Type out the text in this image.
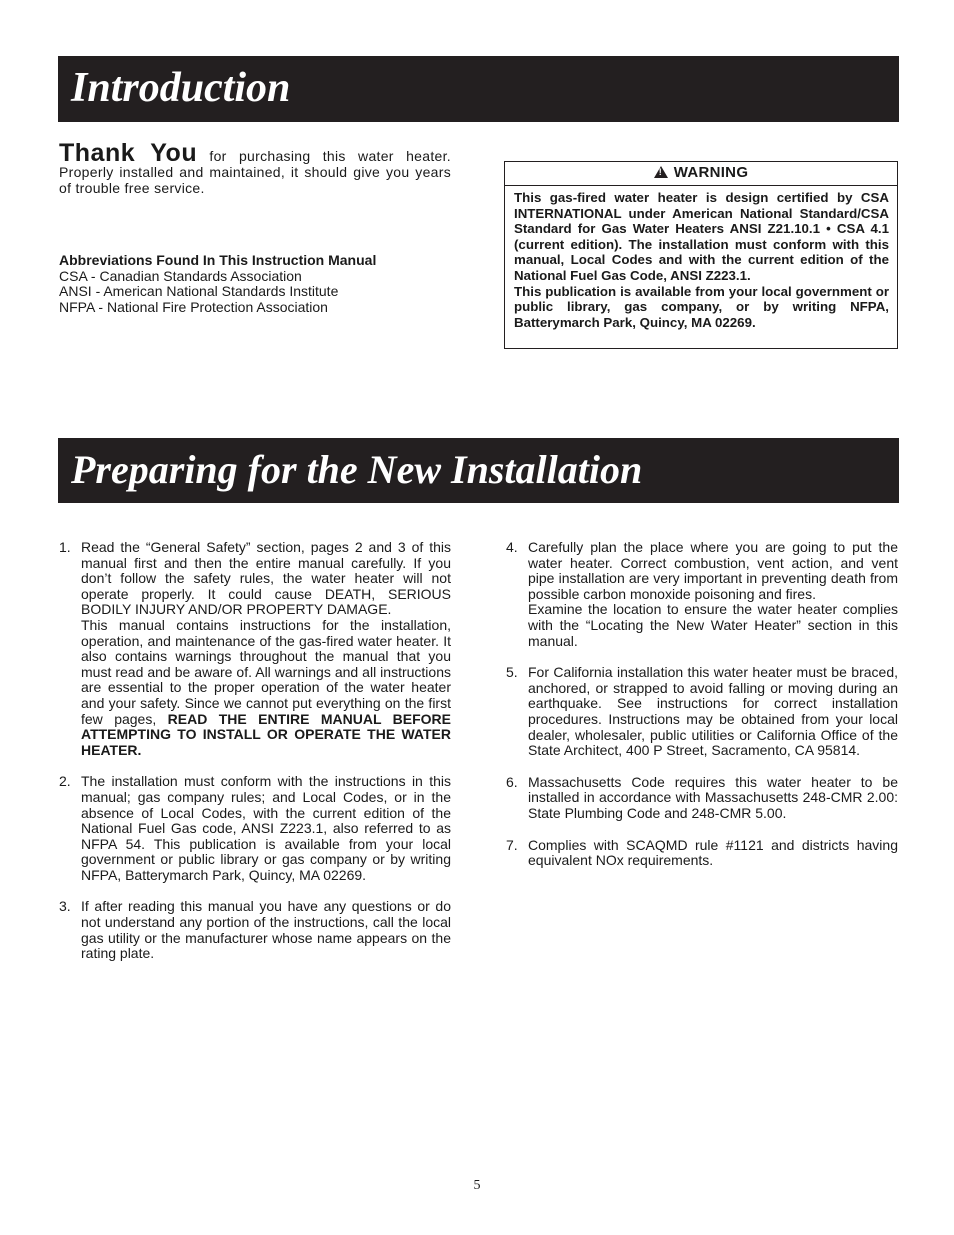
Introduction
Thank You for purchasing this water heater. Properly installed and maintained, it should give you years of trouble free service.
Abbreviations Found In This Instruction Manual
CSA - Canadian Standards Association
ANSI - American National Standards Institute
NFPA - National Fire Protection Association
!WARNING

This gas-fired water heater is design certified by CSA INTERNATIONAL under American National Standard/CSA Standard for Gas Water Heaters ANSI Z21.10.1 • CSA 4.1 (current edition). The installation must conform with this manual, Local Codes and with the current edition of the National Fuel Gas Code, ANSI Z223.1.

This publication is available from your local government or public library, gas company, or by writing NFPA, Batterymarch Park, Quincy, MA 02269.

Preparing for the New Installation
1. Read the “General Safety” section, pages 2 and 3 of this manual first and then the entire manual carefully. If you don’t follow the safety rules, the water heater will not operate properly. It could cause DEATH, SERIOUS BODILY INJURY AND/OR PROPERTY DAMAGE.

This manual contains instructions for the installation, operation, and maintenance of the gas-fired water heater. It also contains warnings throughout the manual that you must read and be aware of. All warnings and all instructions are essential to the proper operation of the water heater and your safety. Since we cannot put everything on the first few pages, READ THE ENTIRE MANUAL BEFORE ATTEMPTING TO INSTALL OR OPERATE THE WATER HEATER.

2. The installation must conform with the instructions in this manual; gas company rules; and Local Codes, or in the absence of Local Codes, with the current edition of the National Fuel Gas code, ANSI Z223.1, also referred to as NFPA 54. This publication is available from your local government or public library or gas company or by writing NFPA, Batterymarch Park, Quincy, MA 02269.

3. If after reading this manual you have any questions or do not understand any portion of the instructions, call the local gas utility or the manufacturer whose name appears on the rating plate.

4. Carefully plan the place where you are going to put the water heater. Correct combustion, vent action, and vent pipe installation are very important in preventing death from possible carbon monoxide poisoning and fires.

Examine the location to ensure the water heater complies with the “Locating the New Water Heater” section in this manual.

5. For California installation this water heater must be braced, anchored, or strapped to avoid falling or moving during an earthquake. See instructions for correct installation procedures. Instructions may be obtained from your local dealer, wholesaler, public utilities or California Office of the State Architect, 400 P Street, Sacramento, CA 95814.

6. Massachusetts Code requires this water heater to be installed in accordance with Massachusetts 248-CMR 2.00: State Plumbing Code and 248-CMR 5.00.

7. Complies with SCAQMD rule #1121 and districts having equivalent NOx requirements.

5
